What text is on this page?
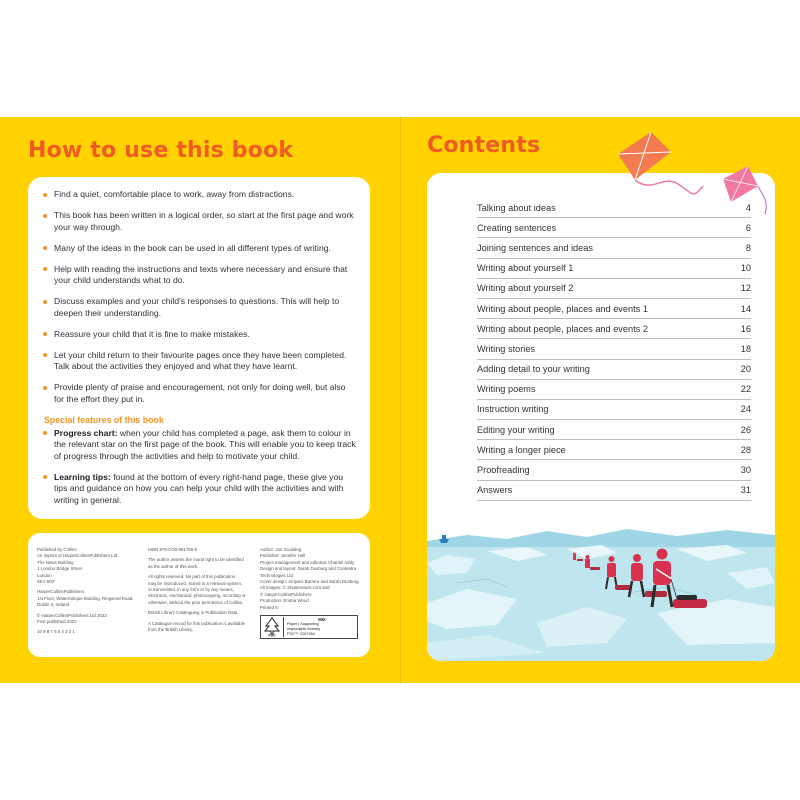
How to use this book
Find a quiet, comfortable place to work, away from distractions.
This book has been written in a logical order, so start at the first page and work your way through.
Many of the ideas in the book can be used in all different types of writing.
Help with reading the instructions and texts where necessary and ensure that your child understands what to do.
Discuss examples and your child's responses to questions. This will help to deepen their understanding.
Reassure your child that it is fine to make mistakes.
Let your child return to their favourite pages once they have been completed. Talk about the activities they enjoyed and what they have learnt.
Provide plenty of praise and encouragement, not only for doing well, but also for the effort they put in.
Special features of this book
Progress chart: when your child has completed a page, ask them to colour in the relevant star on the first page of the book. This will enable you to keep track of progress through the activities and help to motivate your child.
Learning tips: found at the bottom of every right-hand page, these give you tips and guidance on how you can help your child with the activities and with writing in general.
Published by Collins
An imprint of HarperCollinsPublishers Ltd
The News Building
1 London Bridge Street
London
SE1 9GF
HarperCollinsPublishers
1st Floor, Watermarque Building, Ringsend Road,
Dublin 4, Ireland
© HarperCollinsPublishers Ltd 2023
First published 2023
10 9 8 7 6 5 4 3 2 1
ISBN 978-0-00-861790-5
The author asserts the moral right to be identified
as the author of this work.
All rights reserved. No part of this publication
may be reproduced, stored in a retrieval system,
or transmitted, in any form or by any means,
electronic, mechanical, photocopying, recording or
otherwise, without the prior permission of Collins.
British Library Cataloguing in Publication Data
A Catalogue record for this publication is available
from the British Library.
Author: Jon Goulding
Publisher: Jennifer Hall
Project management and editorial: Chantel Addy
Design and layout: Sarah Duxburg and Contentra
Technologies Ltd
Cover design: Amparo Barrera and Sarah Duxburg
All images: © Shutterstock.com and
© HarperCollinsPublishers
Production: Emma Wood
Printed in
FSC
MIX
Paper | Supporting
responsible forestry
FSC™ C007454
Contents
Talking about ideas	4
Creating sentences	6
Joining sentences and ideas	8
Writing about yourself 1	10
Writing about yourself 2	12
Writing about people, places and events 1	14
Writing about people, places and events 2	16
Writing stories	18
Adding detail to your writing	20
Writing poems	22
Instruction writing	24
Editing your writing	26
Writing a longer piece	28
Proofreading	30
Answers	31
